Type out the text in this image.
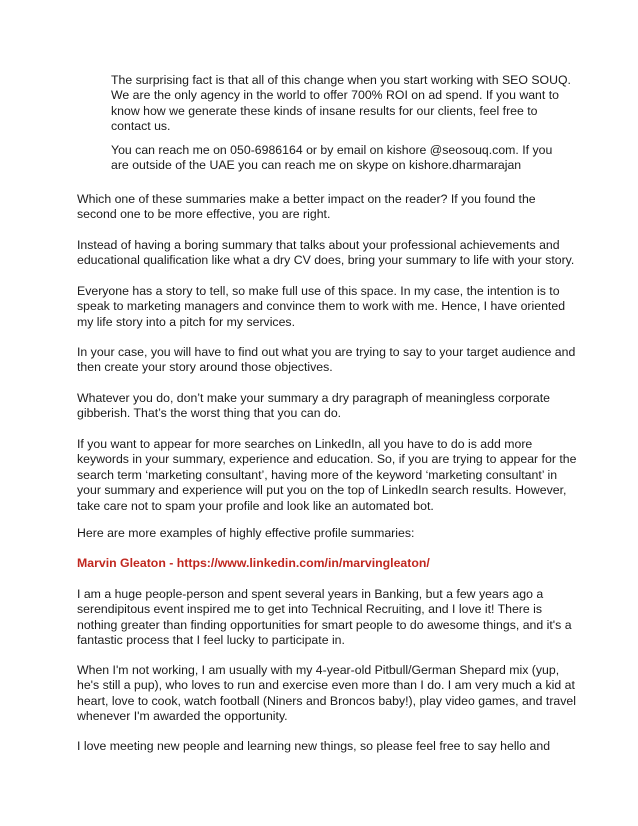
The surprising fact is that all of this change when you start working with SEO SOUQ. We are the only agency in the world to offer 700% ROI on ad spend. If you want to know how we generate these kinds of insane results for our clients, feel free to contact us.

You can reach me on 050-6986164 or by email on kishore @seosouq.com. If you are outside of the UAE you can reach me on skype on kishore.dharmarajan

Which one of these summaries make a better impact on the reader? If you found the second one to be more effective, you are right.

Instead of having a boring summary that talks about your professional achievements and educational qualification like what a dry CV does, bring your summary to life with your story.

Everyone has a story to tell, so make full use of this space. In my case, the intention is to speak to marketing managers and convince them to work with me. Hence, I have oriented my life story into a pitch for my services.

In your case, you will have to find out what you are trying to say to your target audience and then create your story around those objectives.

Whatever you do, don’t make your summary a dry paragraph of meaningless corporate gibberish. That’s the worst thing that you can do.

If you want to appear for more searches on LinkedIn, all you have to do is add more keywords in your summary, experience and education. So, if you are trying to appear for the search term ‘marketing consultant’, having more of the keyword ‘marketing consultant’ in your summary and experience will put you on the top of LinkedIn search results. However, take care not to spam your profile and look like an automated bot.

Here are more examples of highly effective profile summaries:

Marvin Gleaton - https://www.linkedin.com/in/marvingleaton/

I am a huge people-person and spent several years in Banking, but a few years ago a serendipitous event inspired me to get into Technical Recruiting, and I love it! There is nothing greater than finding opportunities for smart people to do awesome things, and it's a fantastic process that I feel lucky to participate in.

When I'm not working, I am usually with my 4-year-old Pitbull/German Shepard mix (yup, he's still a pup), who loves to run and exercise even more than I do. I am very much a kid at heart, love to cook, watch football (Niners and Broncos baby!), play video games, and travel whenever I'm awarded the opportunity.

I love meeting new people and learning new things, so please feel free to say hello and
